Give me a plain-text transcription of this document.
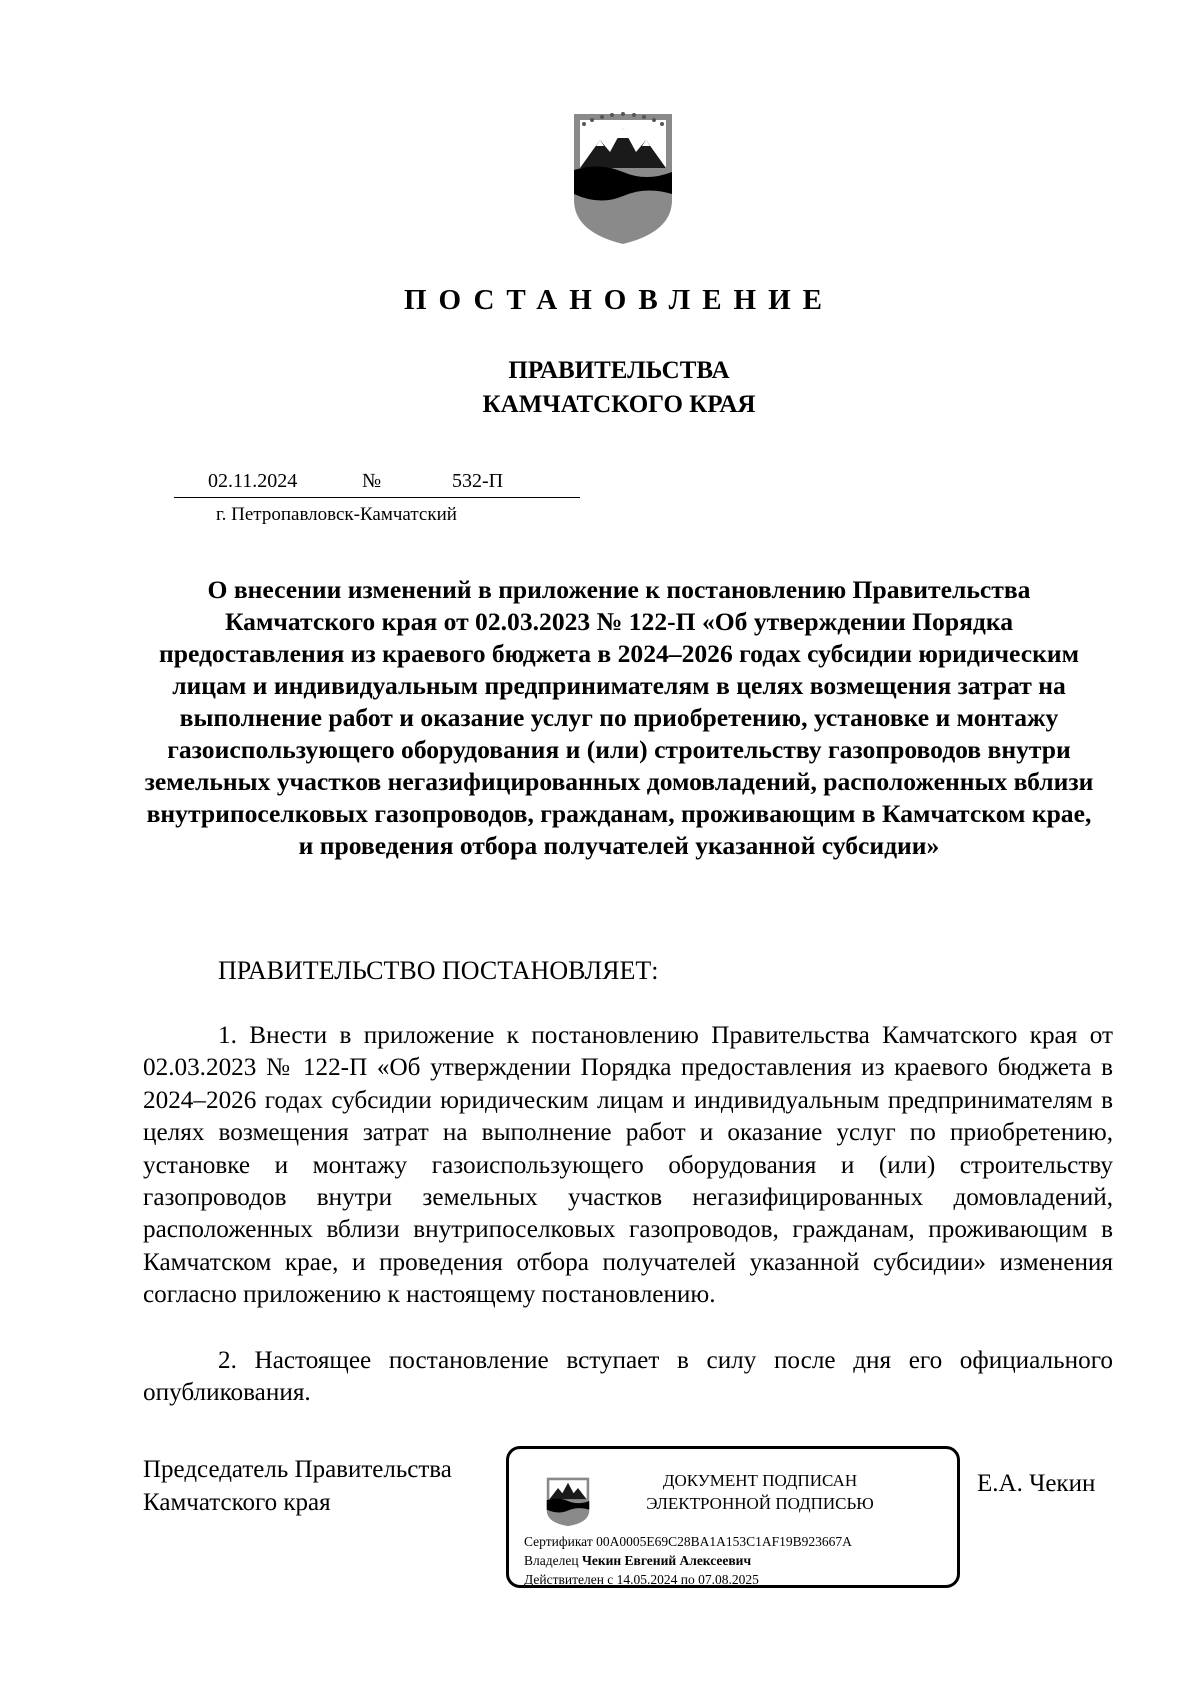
ПОСТАНОВЛЕНИЕ
ПРАВИТЕЛЬСТВА
КАМЧАТСКОГО КРАЯ
02.11.2024	№	532-П
г. Петропавловск-Камчатский
О внесении изменений в приложение к постановлению Правительства Камчатского края от 02.03.2023 № 122-П «Об утверждении Порядка предоставления из краевого бюджета в 2024–2026 годах субсидии юридическим лицам и индивидуальным предпринимателям в целях возмещения затрат на выполнение работ и оказание услуг по приобретению, установке и монтажу газоиспользующего оборудования и (или) строительству газопроводов внутри земельных участков негазифицированных домовладений, расположенных вблизи внутрипоселковых газопроводов, гражданам, проживающим в Камчатском крае, и проведения отбора получателей указанной субсидии»
ПРАВИТЕЛЬСТВО ПОСТАНОВЛЯЕТ:

1. Внести в приложение к постановлению Правительства Камчатского края от 02.03.2023 № 122-П «Об утверждении Порядка предоставления из краевого бюджета в 2024–2026 годах субсидии юридическим лицам и индивидуальным предпринимателям в целях возмещения затрат на выполнение работ и оказание услуг по приобретению, установке и монтажу газоиспользующего оборудования и (или) строительству газопроводов внутри земельных участков негазифицированных домовладений, расположенных вблизи внутрипоселковых газопроводов, гражданам, проживающим в Камчатском крае, и проведения отбора получателей указанной субсидии» изменения согласно приложению к настоящему постановлению.

2. Настоящее постановление вступает в силу после дня его официального опубликования.

Председатель Правительства
Камчатского края
ДОКУМЕНТ ПОДПИСАН
ЭЛЕКТРОННОЙ ПОДПИСЬЮ
Сертификат 00A0005E69C28BA1A153C1AF19B923667A
Владелец Чекин Евгений Алексеевич
Действителен с 14.05.2024 по 07.08.2025
Е.А. Чекин
